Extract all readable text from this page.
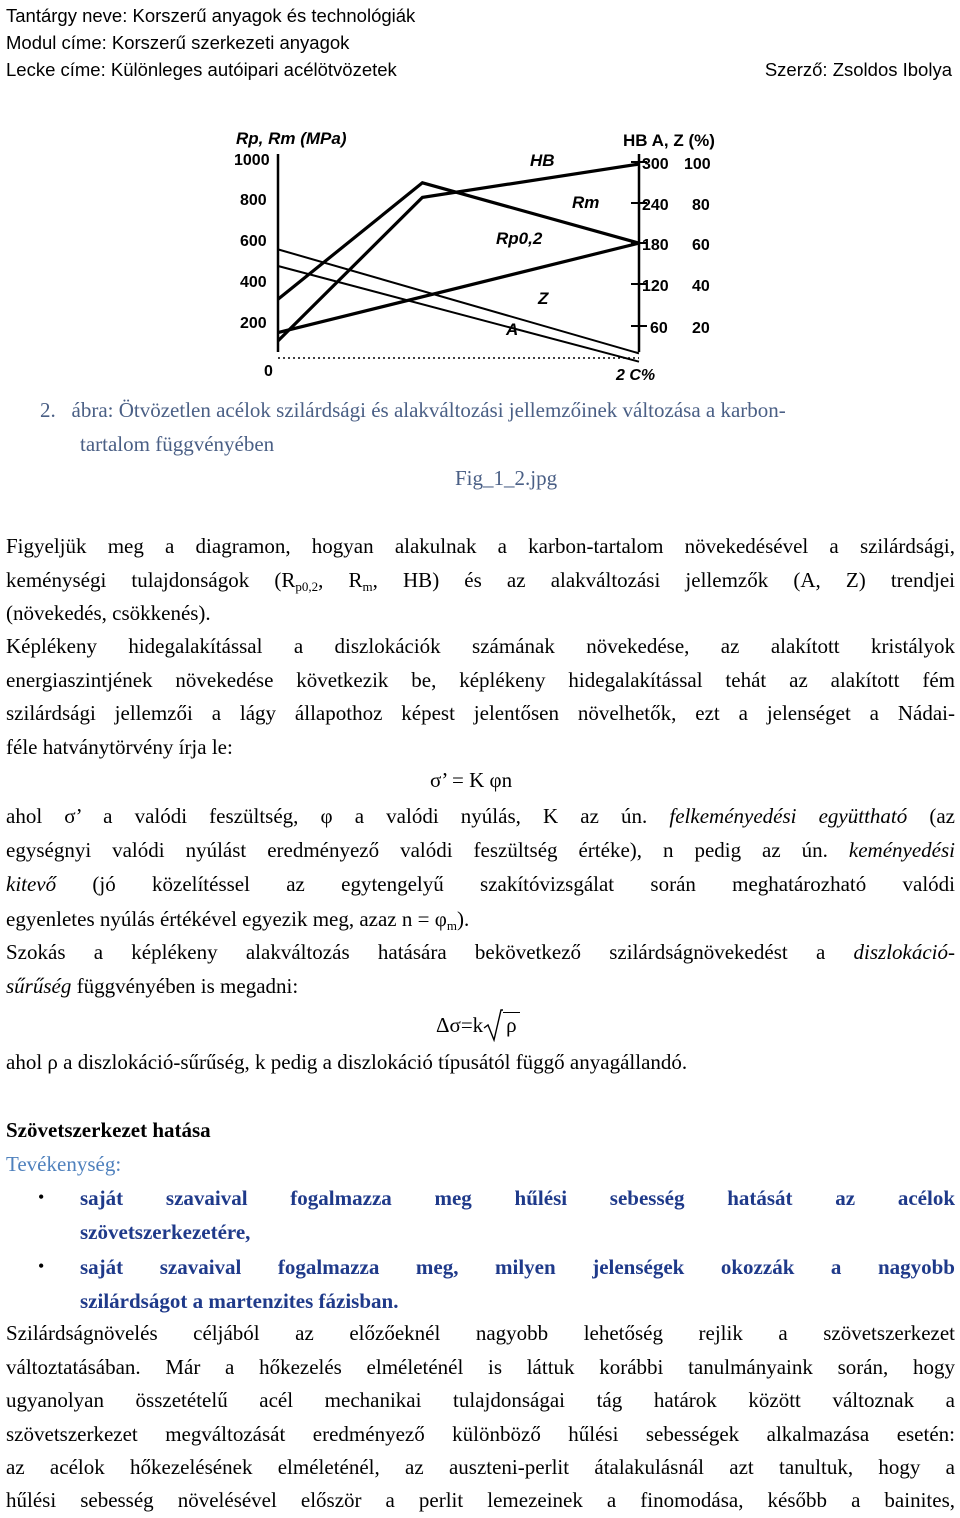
Tantárgy neve: Korszerű anyagok és technológiák
Modul címe: Korszerű szerkezeti anyagok
Lecke címe: Különleges autóipari acélötvözetek	Szerző: Zsoldos Ibolya
Rp, Rm (MPa)	HB A, Z (%)
1000
800
600
400
200
0
300
240
180
120
60
100
80
60
40
20
2 C%
HB
Rm
Rp0,2
Z
A
2. ábra: Ötvözetlen acélok szilárdsági és alakváltozási jellemzőinek változása a karbon-
tartalom függvényében
Fig_1_2.jpg
Figyeljük meg a diagramon, hogyan alakulnak a karbon-tartalom növekedésével a szilárdsági,
keménységi tulajdonságok ($R_{p0,2}$, $R_m$, HB) és az alakváltozási jellemzők (A, Z) trendjei
(növekedés, csökkenés).
Képlékeny hidegalakítással a diszlokációk számának növekedése, az alakított kristályok
energiaszintjének növekedése következik be, képlékeny hidegalakítással tehát az alakított fém
szilárdsági jellemzői a lágy állapothoz képest jelentősen növelhetők, ezt a jelenséget a Nádai-
féle hatványtörvény írja le:
σ’ = K φn
ahol σ’ a valódi feszültség, φ a valódi nyúlás, K az ún. felkeményedési együttható (az
egységnyi valódi nyúlást eredményező valódi feszültség értéke), n pedig az ún. keményedési
kitevő (jó közelítéssel az egytengelyű szakítóvizsgálat során meghatározható valódi
egyenletes nyúlás értékével egyezik meg, azaz $n = \varphi_m$).
Szokás a képlékeny alakváltozás hatására bekövetkező szilárdságnövekedést a diszlokáció-
sűrűség függvényében is megadni:
Δσ=k ρ
ahol ρ a diszlokáció-sűrűség, k pedig a diszlokáció típusától függő anyagállandó.
Szövetszerkezet hatása
Tevékenység:
• saját szavaival fogalmazza meg hűlési sebesség hatását az acélok
szövetszerkezetére,
• saját szavaival fogalmazza meg, milyen jelenségek okozzák a nagyobb
szilárdságot a martenzites fázisban.
Szilárdságnövelés céljából az előzőeknél nagyobb lehetőség rejlik a szövetszerkezet
változtatásában. Már a hőkezelés elméleténél is láttuk korábbi tanulmányaink során, hogy
ugyanolyan összetételű acél mechanikai tulajdonságai tág határok között változnak a
szövetszerkezet megváltozását eredményező különböző hűlési sebességek alkalmazása esetén:
az acélok hőkezelésének elméleténél, az auszteni-perlit átalakulásnál azt tanultuk, hogy a
hűlési sebesség növelésével először a perlit lemezeinek a finomodása, később a bainites,
